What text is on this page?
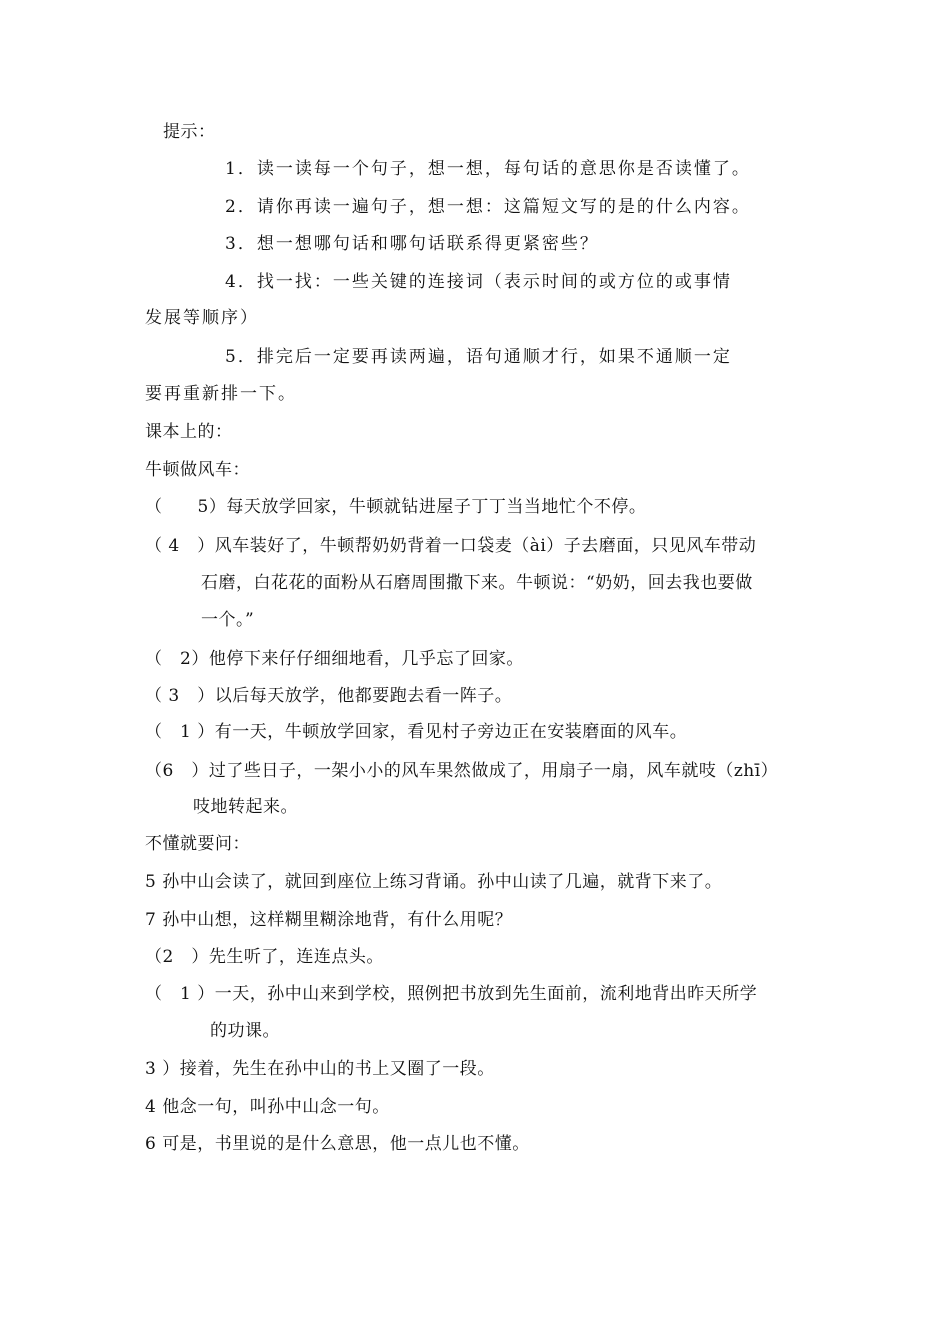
提示：
1．读一读每一个句子，想一想，每句话的意思你是否读懂了。
2．请你再读一遍句子，想一想：这篇短文写的是的什么内容。
3．想一想哪句话和哪句话联系得更紧密些？
4．找一找：一些关键的连接词（表示时间的或方位的或事情
发展等顺序）
5．排完后一定要再读两遍，语句通顺才行，如果不通顺一定
要再重新排一下。
课本上的：
牛顿做风车：
（　　5）每天放学回家，牛顿就钻进屋子丁丁当当地忙个不停。
（ 4　）风车装好了，牛顿帮奶奶背着一口袋麦（ài）子去磨面，只见风车带动
石磨，白花花的面粉从石磨周围撒下来。牛顿说：“奶奶，回去我也要做
一个。”
（　2）他停下来仔仔细细地看，几乎忘了回家。
（ 3　）以后每天放学，他都要跑去看一阵子。
（　1 ）有一天，牛顿放学回家，看见村子旁边正在安装磨面的风车。
（6　）过了些日子，一架小小的风车果然做成了，用扇子一扇，风车就吱（zhī）
吱地转起来。
不懂就要问：
5 孙中山会读了，就回到座位上练习背诵。孙中山读了几遍，就背下来了。
7 孙中山想，这样糊里糊涂地背，有什么用呢？
（2　）先生听了，连连点头。
（　1 ）一天，孙中山来到学校，照例把书放到先生面前，流利地背出昨天所学
的功课。
3 ）接着，先生在孙中山的书上又圈了一段。
4 他念一句，叫孙中山念一句。
6 可是，书里说的是什么意思，他一点儿也不懂。
